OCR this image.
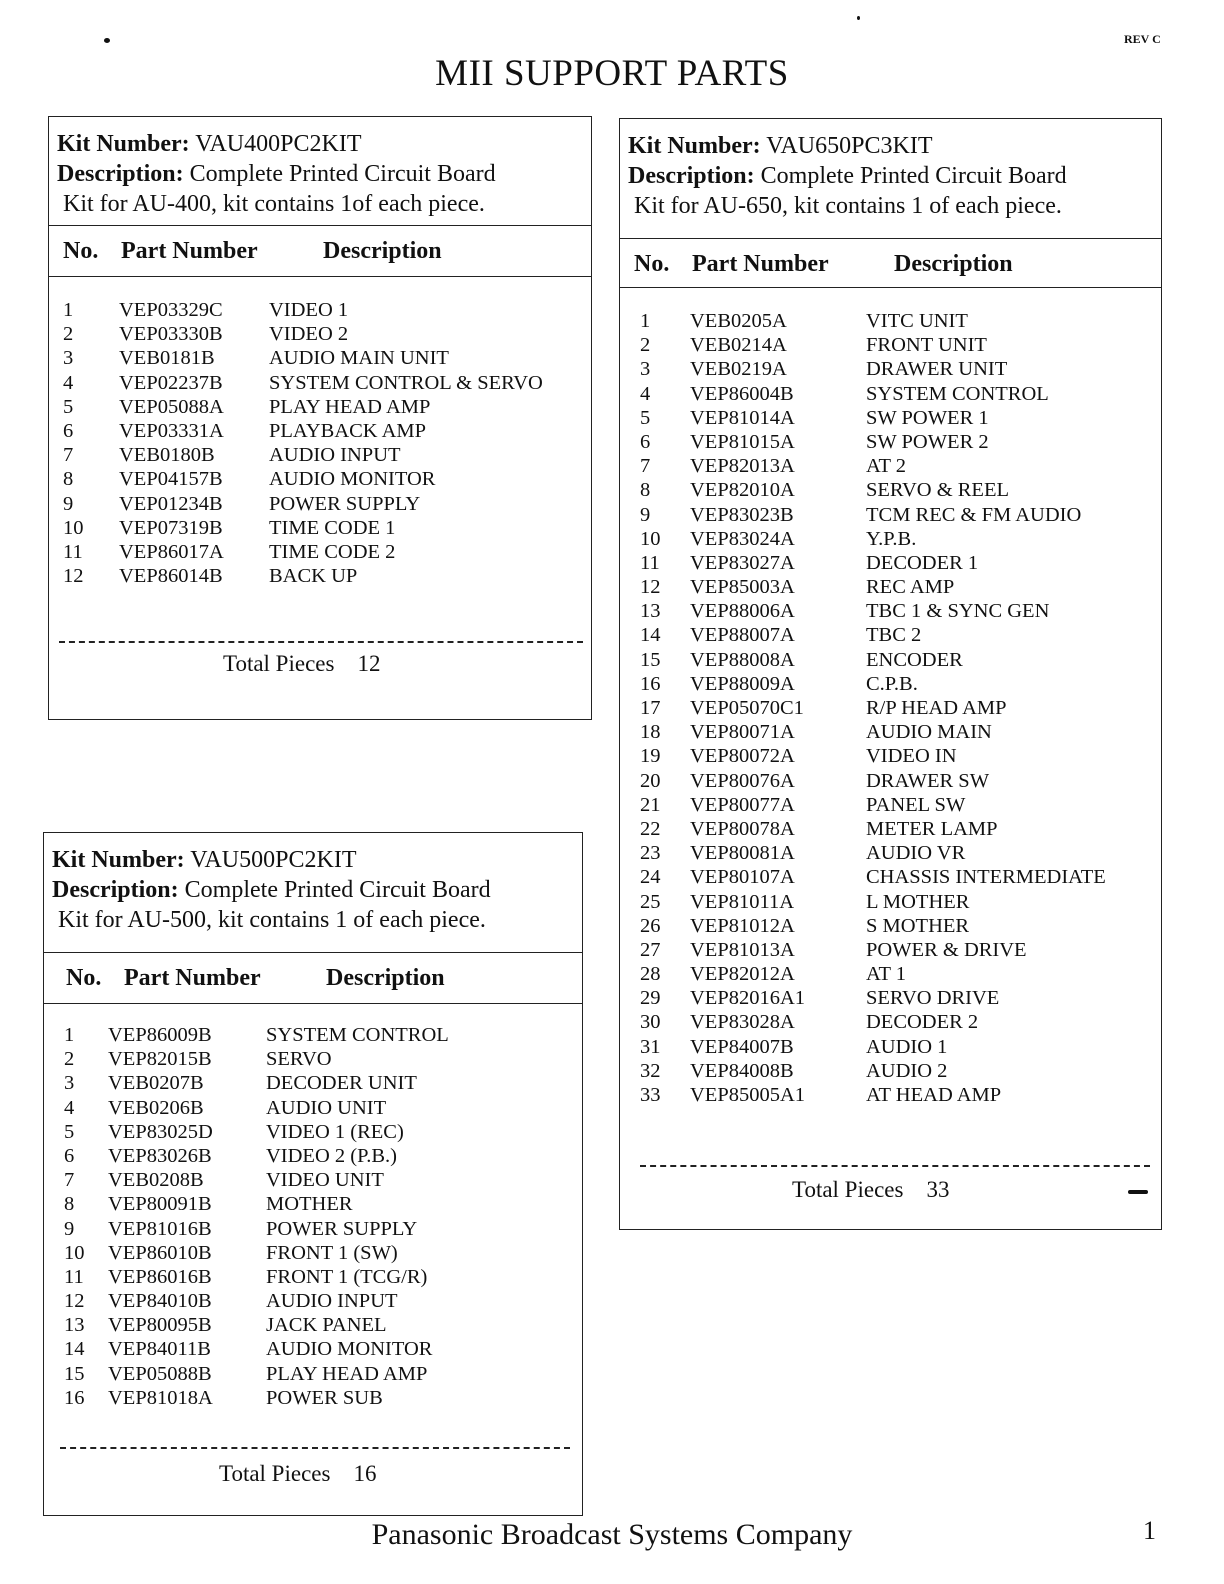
REV C
MII SUPPORT PARTS
Kit Number: VAU400PC2KIT
Description: Complete Printed Circuit Board
Kit for AU-400, kit contains 1of each piece.
No. Part Number	Description
1 VEP03329C VIDEO 1
2 VEP03330B VIDEO 2
3 VEB0181B	AUDIO MAIN UNIT
4 VEP02237B SYSTEM CONTROL & SERVO
5 VEP05088A PLAY HEAD AMP
6 VEP03331A PLAYBACK AMP
7 VEB0180B	AUDIO INPUT
8 VEP04157B AUDIO MONITOR
9 VEP01234B POWER SUPPLY
10 VEP07319B TIME CODE 1
11 VEP86017A TIME CODE 2
12 VEP86014B BACK UP
Total Pieces 12
Kit Number: VAU500PC2KIT
Description: Complete Printed Circuit Board
Kit for AU-500, kit contains 1 of each piece.
No. Part Number	Description
1 VEP86009B	SYSTEM CONTROL
2 VEP82015B	SERVO
3 VEB0207B	DECODER UNIT
4 VEB0206B	AUDIO UNIT
5 VEP83025D	VIDEO 1 (REC)
6 VEP83026B	VIDEO 2 (P.B.)
7 VEB0208B	VIDEO UNIT
8 VEP80091B	MOTHER
9 VEP81016B	POWER SUPPLY
10 VEP86010B	FRONT 1 (SW)
11 VEP86016B	FRONT 1 (TCG/R)
12 VEP84010B	AUDIO INPUT
13 VEP80095B	JACK PANEL
14 VEP84011B	AUDIO MONITOR
15 VEP05088B	PLAY HEAD AMP
16 VEP81018A	POWER SUB
Total Pieces 16
Kit Number: VAU650PC3KIT
Description: Complete Printed Circuit Board
Kit for AU-650, kit contains 1 of each piece.
No. Part Number	Description
1 VEB0205A	VITC UNIT
2 VEB0214A	FRONT UNIT
3 VEB0219A	DRAWER UNIT
4 VEP86004B	SYSTEM CONTROL
5 VEP81014A	SW POWER 1
6 VEP81015A	SW POWER 2
7 VEP82013A	AT 2
8 VEP82010A	SERVO & REEL
9 VEP83023B	TCM REC & FM AUDIO
10 VEP83024A	Y.P.B.
11 VEP83027A	DECODER 1
12 VEP85003A	REC AMP
13 VEP88006A	TBC 1 & SYNC GEN
14 VEP88007A	TBC 2
15 VEP88008A	ENCODER
16 VEP88009A	C.P.B.
17 VEP05070C1	R/P HEAD AMP
18 VEP80071A	AUDIO MAIN
19 VEP80072A	VIDEO IN
20 VEP80076A	DRAWER SW
21 VEP80077A	PANEL SW
22 VEP80078A	METER LAMP
23 VEP80081A	AUDIO VR
24 VEP80107A	CHASSIS INTERMEDIATE
25 VEP81011A	L MOTHER
26 VEP81012A	S MOTHER
27 VEP81013A	POWER & DRIVE
28 VEP82012A	AT 1
29 VEP82016A1	SERVO DRIVE
30 VEP83028A	DECODER 2
31 VEP84007B	AUDIO 1
32 VEP84008B	AUDIO 2
33 VEP85005A1	AT HEAD AMP
Total Pieces 33
Panasonic Broadcast Systems Company	1
